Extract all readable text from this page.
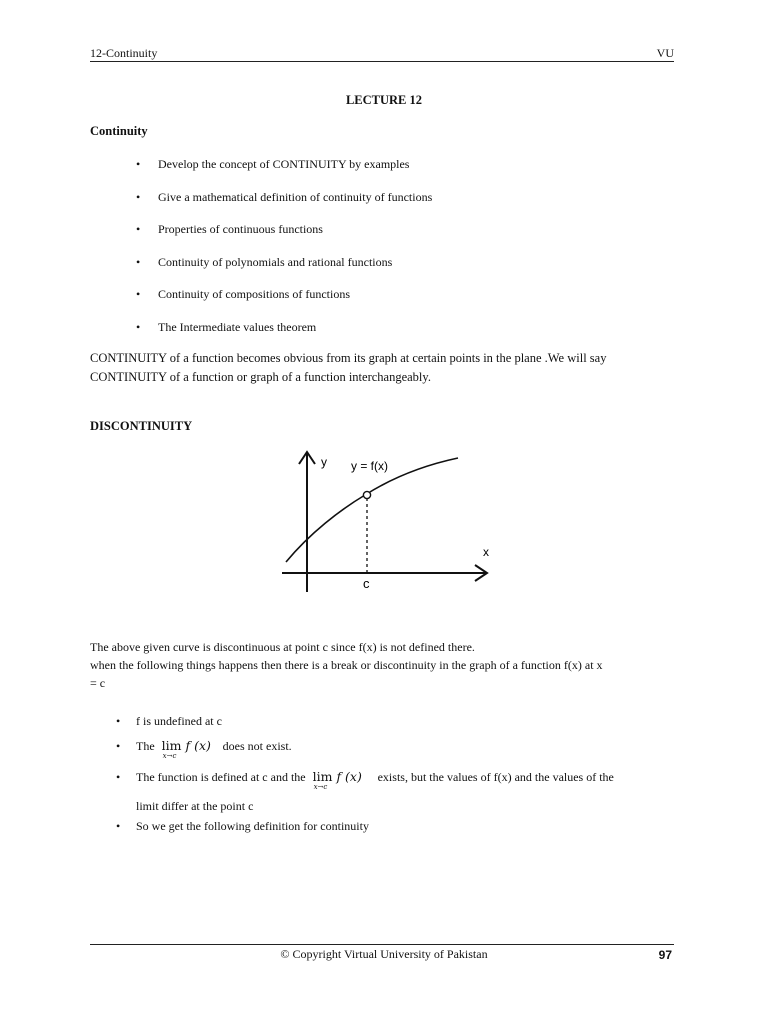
12-Continuity	VU
LECTURE 12
Continuity
• Develop the concept of CONTINUITY by examples
• Give a mathematical definition of continuity of functions
• Properties of continuous functions
• Continuity of polynomials and rational functions
• Continuity of compositions of functions
• The Intermediate values theorem
CONTINUITY of a function becomes obvious from its graph at certain points in the plane .We will say
CONTINUITY of a function or graph of a function interchangeably.
DISCONTINUITY
y y = f(x)
x
c
The above given curve is discontinuous at point c since f(x) is not defined there.
when the following things happens then there is a break or discontinuity in the graph of a function f(x) at x
= c
• f is undefined at c
• The lim f (x)
x→c
does not exist.
• The function is defined at c and the lim f (x)
x→c
exists, but the values of f(x) and the values of the
limit differ at the point c
• So we get the following definition for continuity
© Copyright Virtual University of Pakistan	97
